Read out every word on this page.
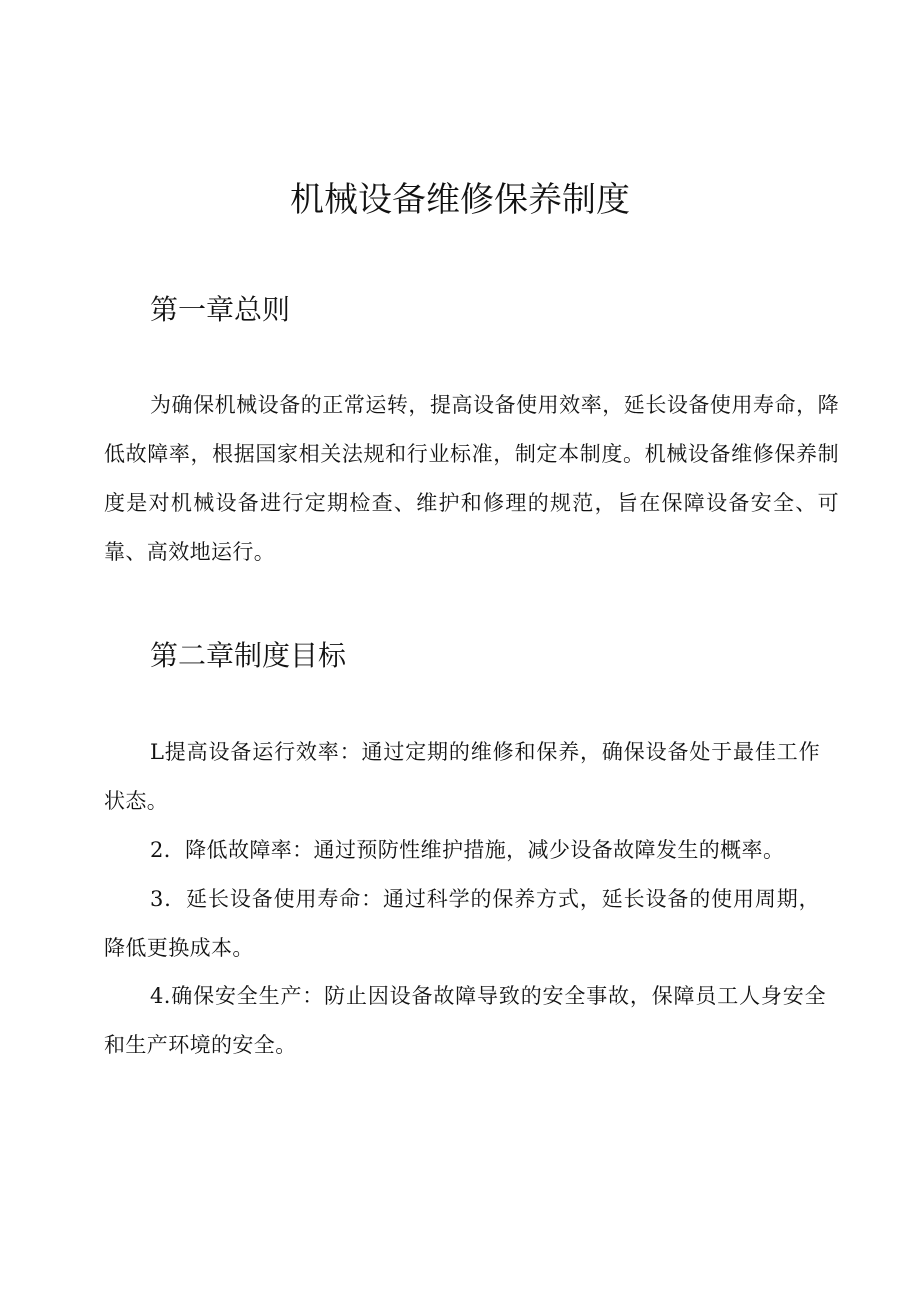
机械设备维修保养制度
第一章总则

为确保机械设备的正常运转，提高设备使用效率，延长设备使用寿命，降低故障率，根据国家相关法规和行业标准，制定本制度。机械设备维修保养制度是对机械设备进行定期检查、维护和修理的规范，旨在保障设备安全、可靠、高效地运行。

第二章制度目标

L提高设备运行效率：通过定期的维修和保养，确保设备处于最佳工作状态。

2．降低故障率：通过预防性维护措施，减少设备故障发生的概率。

3．延长设备使用寿命：通过科学的保养方式，延长设备的使用周期，降低更换成本。

4.确保安全生产：防止因设备故障导致的安全事故，保障员工人身安全和生产环境的安全。
